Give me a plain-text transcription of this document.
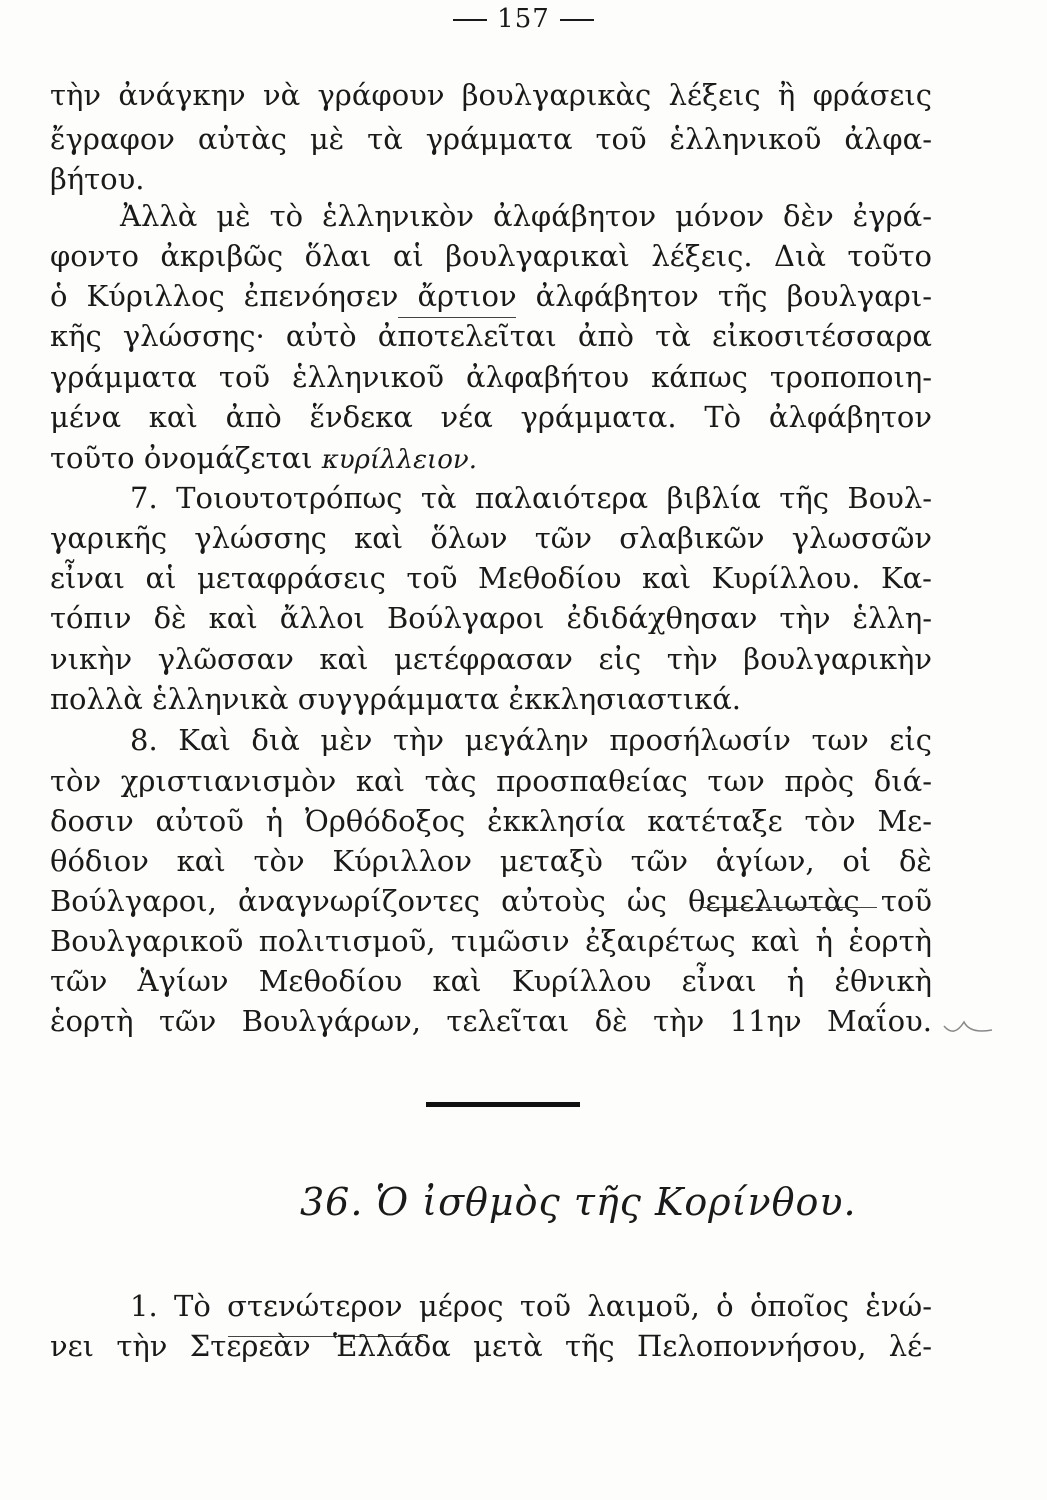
157
τὴν ἀνάγκην νὰ γράφουν βουλγαρικὰς λέξεις ἢ φράσεις
ἔγραφον αὐτὰς μὲ τὰ γράμματα τοῦ ἑλληνικοῦ ἀλφα-
βήτου.
Ἀλλὰ μὲ τὸ ἑλληνικὸν ἀλφάβητον μόνον δὲν ἐγρά-
φοντο ἀκριβῶς ὅλαι αἱ βουλγαρικαὶ λέξεις. Διὰ τοῦτο
ὁ Κύριλλος ἐπενόησεν ἄρτιον ἀλφάβητον τῆς βουλγαρι-
κῆς γλώσσης· αὐτὸ ἀποτελεῖται ἀπὸ τὰ εἰκοσιτέσσαρα
γράμματα τοῦ ἑλληνικοῦ ἀλφαβήτου κάπως τροποποιη-
μένα καὶ ἀπὸ ἕνδεκα νέα γράμματα. Τὸ ἀλφάβητον
τοῦτο ὀνομάζεται κυρίλλειον.
7. Τοιουτοτρόπως τὰ παλαιότερα βιβλία τῆς Βουλ-
γαρικῆς γλώσσης καὶ ὅλων τῶν σλαβικῶν γλωσσῶν
εἶναι αἱ μεταφράσεις τοῦ Μεθοδίου καὶ Κυρίλλου. Κα-
τόπιν δὲ καὶ ἄλλοι Βούλγαροι ἐδιδάχθησαν τὴν ἑλλη-
νικὴν γλῶσσαν καὶ μετέφρασαν εἰς τὴν βουλγαρικὴν
πολλὰ ἑλληνικὰ συγγράμματα ἐκκλησιαστικά.
8. Καὶ διὰ μὲν τὴν μεγάλην προσήλωσίν των εἰς
τὸν χριστιανισμὸν καὶ τὰς προσπαθείας των πρὸς διά-
δοσιν αὐτοῦ ἡ Ὀρθόδοξος ἐκκλησία κατέταξε τὸν Με-
θόδιον καὶ τὸν Κύριλλον μεταξὺ τῶν ἁγίων, οἱ δὲ
Βούλγαροι, ἀναγνωρίζοντες αὐτοὺς ὡς θεμελιωτὰς τοῦ
Βουλγαρικοῦ πολιτισμοῦ, τιμῶσιν ἐξαιρέτως καὶ ἡ ἑορτὴ
τῶν Ἁγίων Μεθοδίου καὶ Κυρίλλου εἶναι ἡ ἐθνικὴ
ἑορτὴ τῶν Βουλγάρων, τελεῖται δὲ τὴν 11ην Μαΐου.
36. Ὁ ἰσθμὸς τῆς Κορίνθου.
1. Τὸ στενώτερον μέρος τοῦ λαιμοῦ, ὁ ὁποῖος ἑνώ-
νει τὴν Στερεὰν Ἑλλάδα μετὰ τῆς Πελοποννήσου, λέ-
